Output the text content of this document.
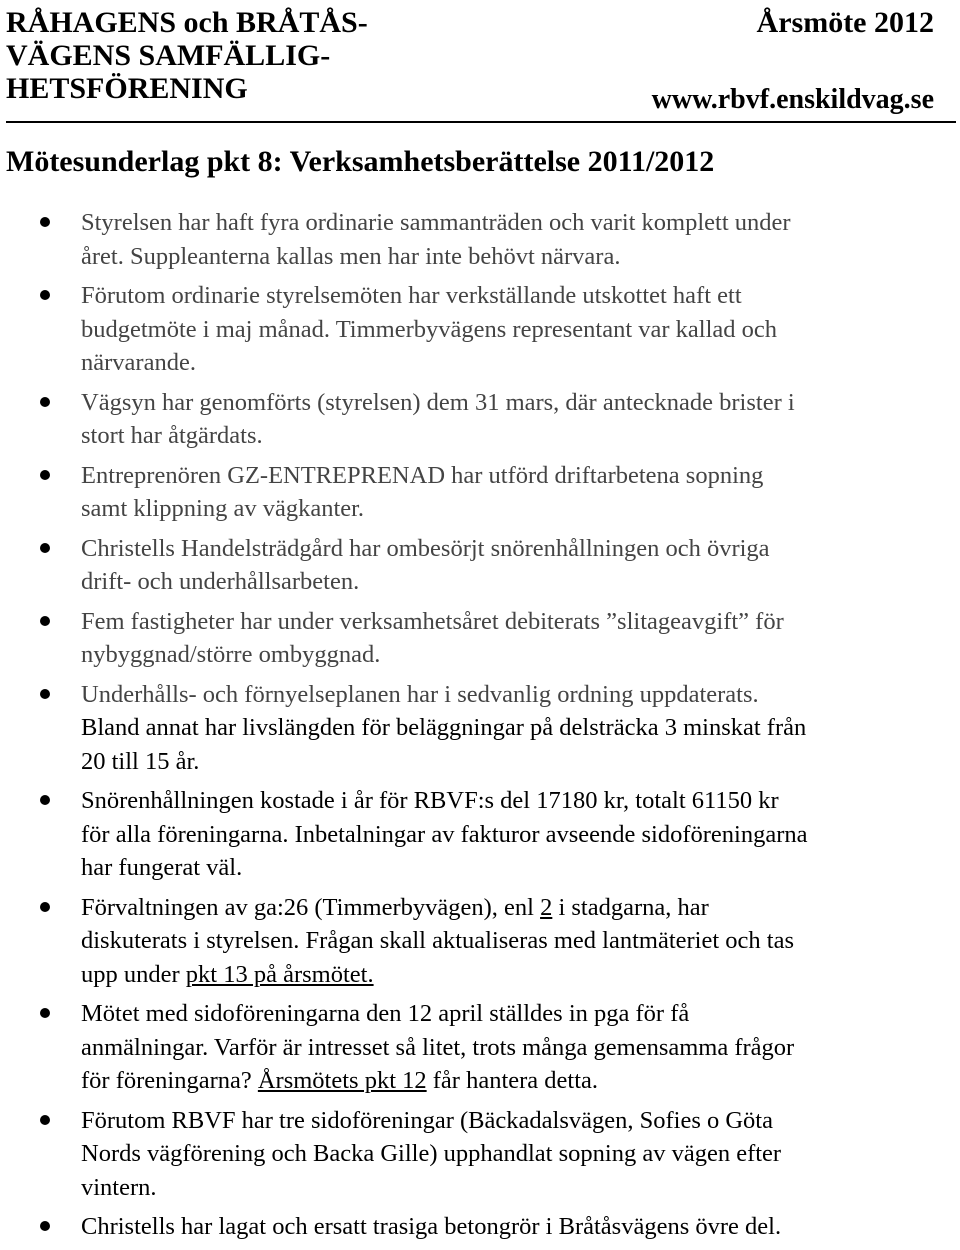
RÅHAGENS och BRÅTÅS-
VÄGENS SAMFÄLLIG-
HETSFÖRENING
Årsmöte 2012
www.rbvf.enskildvag.se
Mötesunderlag pkt 8: Verksamhetsberättelse 2011/2012
Styrelsen har haft fyra ordinarie sammanträden och varit komplett under
året. Suppleanterna kallas men har inte behövt närvara.
Förutom ordinarie styrelsemöten har verkställande utskottet haft ett
budgetmöte i maj månad. Timmerbyvägens representant var kallad och
närvarande.
Vägsyn har genomförts (styrelsen) dem 31 mars, där antecknade brister i
stort har åtgärdats.
Entreprenören GZ-ENTREPRENAD har utförd driftarbetena sopning
samt klippning av vägkanter.
Christells Handelsträdgård har ombesörjt snörenhållningen och övriga
drift- och underhållsarbeten.
Fem fastigheter har under verksamhetsåret debiterats ”slitageavgift” för
nybyggnad/större ombyggnad.
Underhålls- och förnyelseplanen har i sedvanlig ordning uppdaterats.
Bland annat har livslängden för beläggningar på delsträcka 3 minskat från
20 till 15 år.
Snörenhållningen kostade i år för RBVF:s del 17180 kr, totalt 61150 kr
för alla föreningarna. Inbetalningar av fakturor avseende sidoföreningarna
har fungerat väl.
Förvaltningen av ga:26 (Timmerbyvägen), enl 2 i stadgarna, har
diskuterats i styrelsen. Frågan skall aktualiseras med lantmäteriet och tas
upp under pkt 13 på årsmötet.
Mötet med sidoföreningarna den 12 april ställdes in pga för få
anmälningar. Varför är intresset så litet, trots många gemensamma frågor
för föreningarna? Årsmötets pkt 12 får hantera detta.
Förutom RBVF har tre sidoföreningar (Bäckadalsvägen, Sofies o Göta
Nords vägförening och Backa Gille) upphandlat sopning av vägen efter
vintern.
Christells har lagat och ersatt trasiga betongrör i Bråtåsvägens övre del.
